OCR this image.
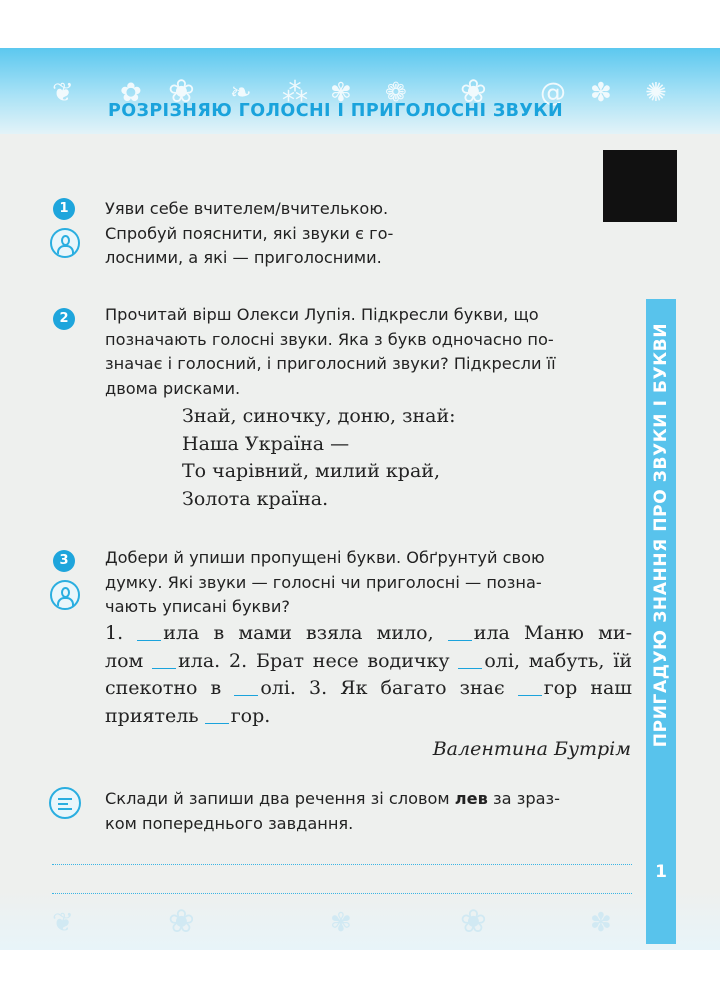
❦ ✿ ❀ ❧ ⁂ ✾ ❁ ❀ @ ✽ ✺
❦	❀	✾	❀	✽
РОЗРІЗНЯЮ ГОЛОСНІ І ПРИГОЛОСНІ ЗВУКИ
ПРИГАДУЮ ЗНАННЯ ПРО ЗВУКИ І БУКВИ
1
1	Уяви себе вчителем/вчителькою.
Спробуй пояснити, які звуки є го-
лосними, а які — приголосними.
2	Прочитай вірш Олекси Лупія. Підкресли букви, що
позначають голосні звуки. Яка з букв одночасно по-
значає і голосний, і приголосний звуки? Підкресли її
двома рисками.
Знай, синочку, доню, знай:
Наша Україна —
То чарівний, милий край,
Золота країна.
3	Добери й упиши пропущені букви. Обґрунтуй свою
думку. Які звуки — голосні чи приголосні — позна-
чають уписані букви?
1. ила в мами взяла мило, ила Маню ми-
лом ила. 2. Брат несе водичку олі, мабуть, їй
спекотно в олі. 3. Як багато знає гор наш
приятель гор.
Валентина Бутрім
Склади й запиши два речення зі словом лев за зраз-
ком попереднього завдання.
